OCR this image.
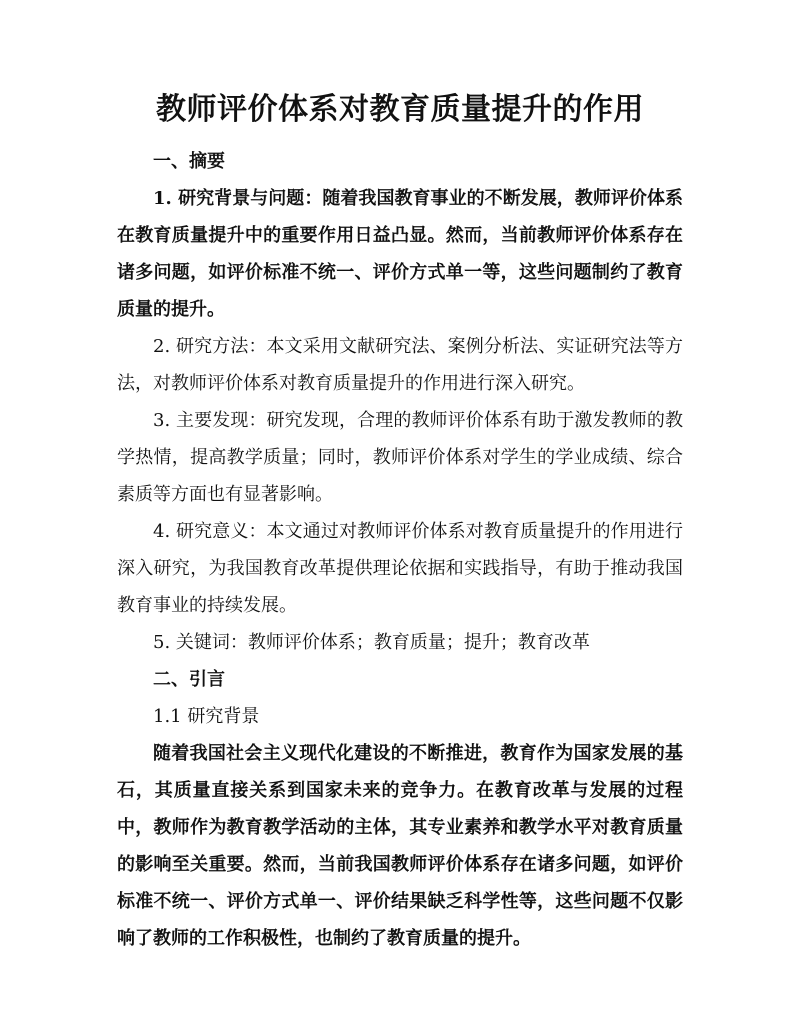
教师评价体系对教育质量提升的作用

一、摘要

1. 研究背景与问题：随着我国教育事业的不断发展，教师评价体系在教育质量提升中的重要作用日益凸显。然而，当前教师评价体系存在诸多问题，如评价标准不统一、评价方式单一等，这些问题制约了教育质量的提升。

2. 研究方法：本文采用文献研究法、案例分析法、实证研究法等方法，对教师评价体系对教育质量提升的作用进行深入研究。

3. 主要发现：研究发现，合理的教师评价体系有助于激发教师的教学热情，提高教学质量；同时，教师评价体系对学生的学业成绩、综合素质等方面也有显著影响。

4. 研究意义：本文通过对教师评价体系对教育质量提升的作用进行深入研究，为我国教育改革提供理论依据和实践指导，有助于推动我国教育事业的持续发展。

5. 关键词：教师评价体系；教育质量；提升；教育改革

二、引言

1.1 研究背景

随着我国社会主义现代化建设的不断推进，教育作为国家发展的基石，其质量直接关系到国家未来的竞争力。在教育改革与发展的过程中，教师作为教育教学活动的主体，其专业素养和教学水平对教育质量的影响至关重要。然而，当前我国教师评价体系存在诸多问题，如评价标准不统一、评价方式单一、评价结果缺乏科学性等，这些问题不仅影响了教师的工作积极性，也制约了教育质量的提升。
